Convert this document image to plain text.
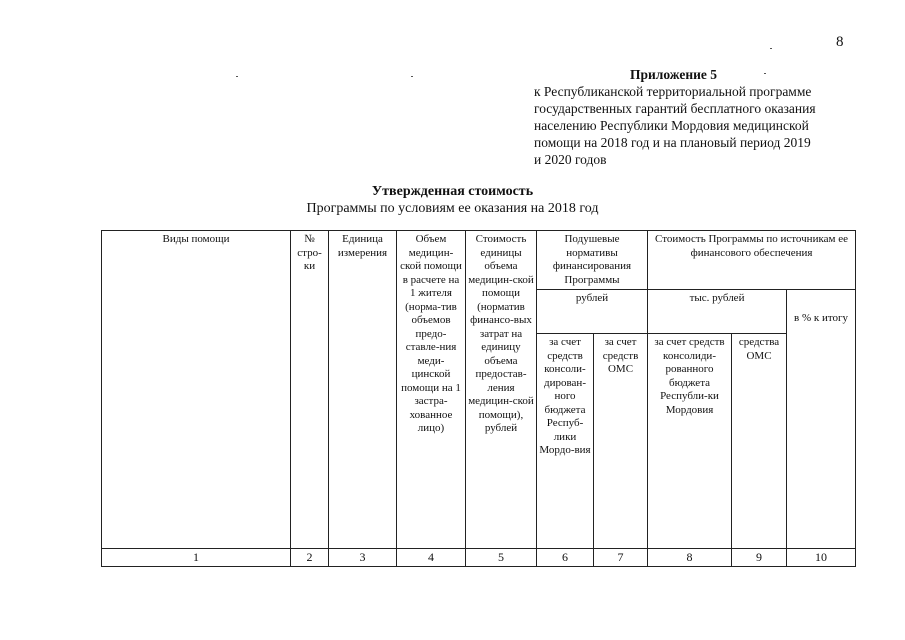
8
Приложение 5
к Республиканской территориальной программе
государственных гарантий бесплатного оказания
населению Республики Мордовия медицинской
помощи на 2018 год и на плановый период 2019
и 2020 годов
Утвержденная стоимость
Программы по условиям ее оказания на 2018 год
Виды помощи	№ стро-ки	Единица измерения	Объем медицин-ской помощи в расчете на 1 жителя (норма-тив объемов предо-ставле-ния меди-цинской помощи на 1 застра-хованное лицо)	Стоимость единицы объема медицин-ской помощи (норматив финансо-вых затрат на единицу объема предостав-ления медицин-ской помощи), рублей	Подушевые нормативы финансирования Программы		Стоимость Программы по источникам ее финансового обеспечения		
					рублей		тыс. рублей		в % к итогу
					за счет средств консоли-дирован-ного бюджета Респуб-лики Мордо-вия	за счет средств ОМС	за счет средств консолиди-рованного бюджета Республи-ки Мордовия	средства ОМС	
1	2	3	4	5	6	7	8	9	10
